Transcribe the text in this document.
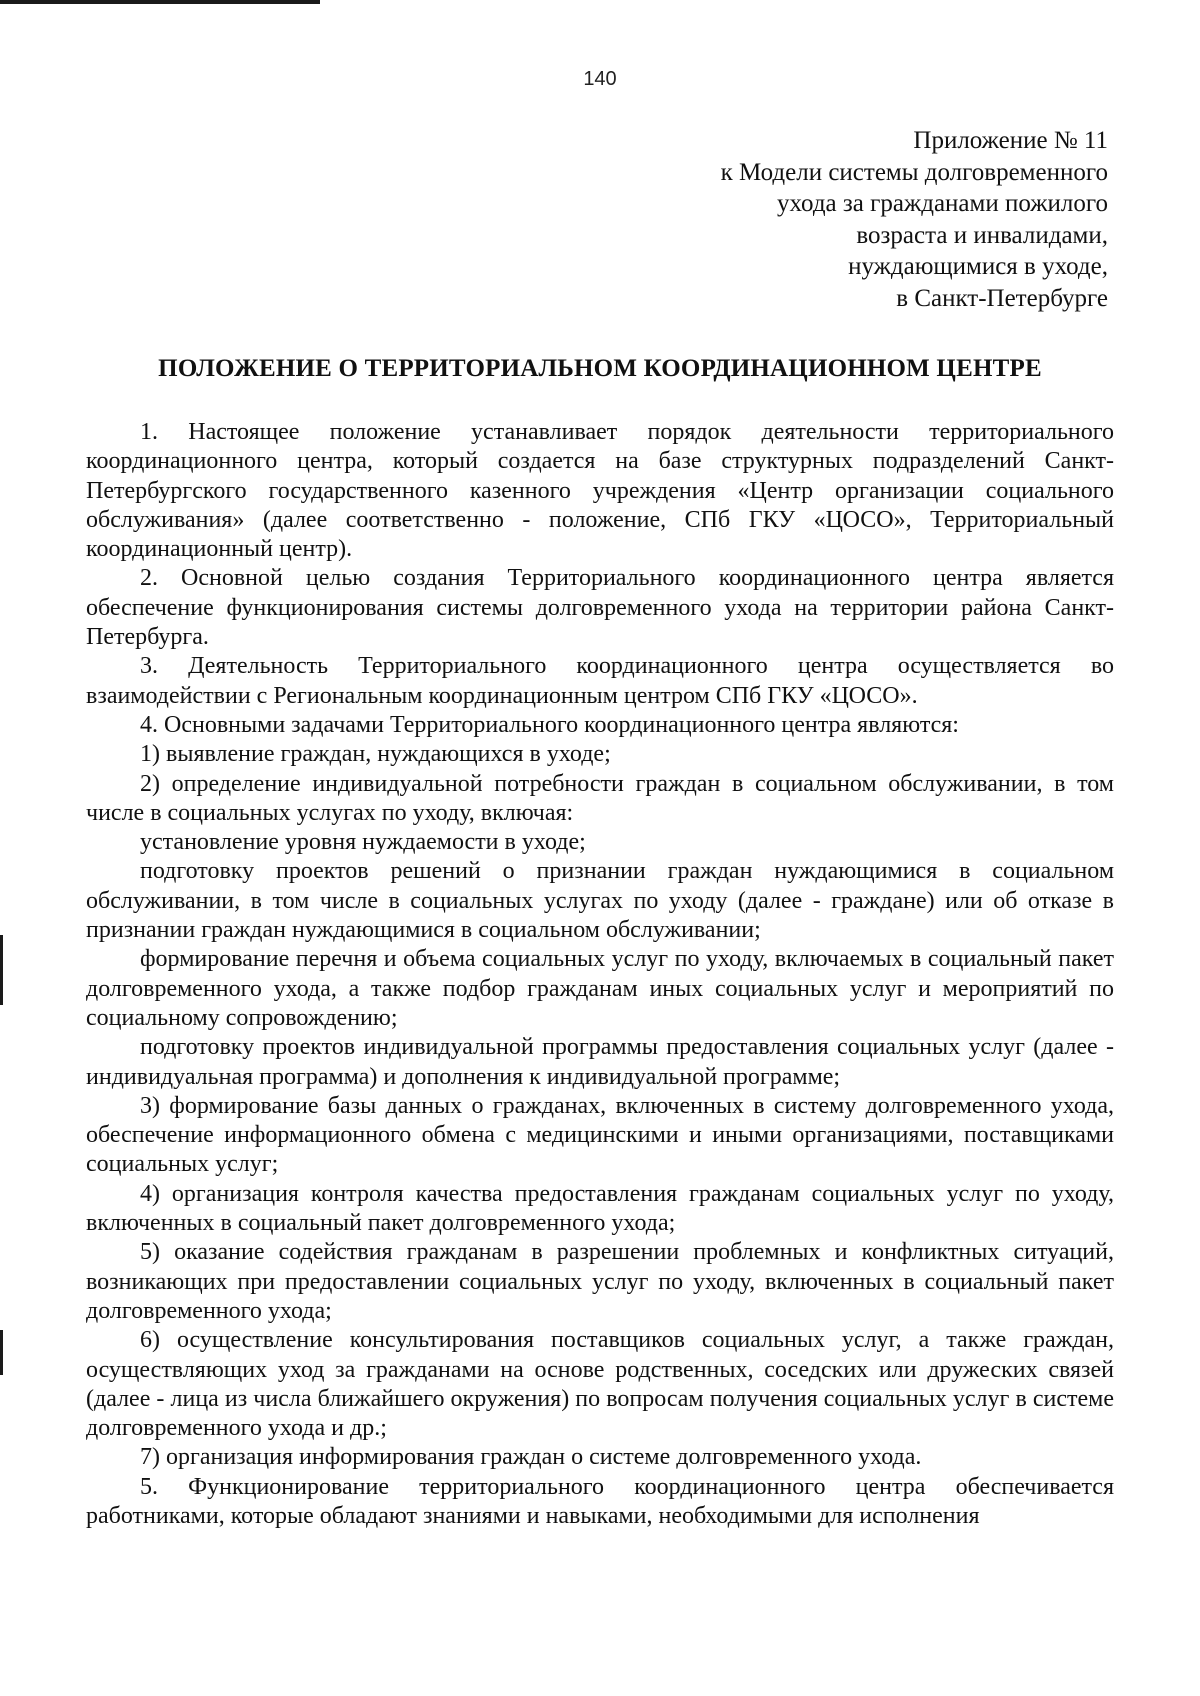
140
Приложение № 11
к Модели системы долговременного
ухода за гражданами пожилого
возраста и инвалидами,
нуждающимися в уходе,
в Санкт-Петербурге
ПОЛОЖЕНИЕ О ТЕРРИТОРИАЛЬНОМ КООРДИНАЦИОННОМ ЦЕНТРЕ

1. Настоящее положение устанавливает порядок деятельности территориального координационного центра, который создается на базе структурных подразделений Санкт-Петербургского государственного казенного учреждения «Центр организации социального обслуживания» (далее соответственно - положение, СПб ГКУ «ЦОСО», Территориальный координационный центр).

2. Основной целью создания Территориального координационного центра является обеспечение функционирования системы долговременного ухода на территории района Санкт-Петербурга.

3. Деятельность Территориального координационного центра осуществляется во взаимодействии с Региональным координационным центром СПб ГКУ «ЦОСО».

4. Основными задачами Территориального координационного центра являются:

1) выявление граждан, нуждающихся в уходе;

2) определение индивидуальной потребности граждан в социальном обслуживании, в том числе в социальных услугах по уходу, включая:

установление уровня нуждаемости в уходе;

подготовку проектов решений о признании граждан нуждающимися в социальном обслуживании, в том числе в социальных услугах по уходу (далее - граждане) или об отказе в признании граждан нуждающимися в социальном обслуживании;

формирование перечня и объема социальных услуг по уходу, включаемых в социальный пакет долговременного ухода, а также подбор гражданам иных социальных услуг и мероприятий по социальному сопровождению;

подготовку проектов индивидуальной программы предоставления социальных услуг (далее - индивидуальная программа) и дополнения к индивидуальной программе;

3) формирование базы данных о гражданах, включенных в систему долговременного ухода, обеспечение информационного обмена с медицинскими и иными организациями, поставщиками социальных услуг;

4) организация контроля качества предоставления гражданам социальных услуг по уходу, включенных в социальный пакет долговременного ухода;

5) оказание содействия гражданам в разрешении проблемных и конфликтных ситуаций, возникающих при предоставлении социальных услуг по уходу, включенных в социальный пакет долговременного ухода;

6) осуществление консультирования поставщиков социальных услуг, а также граждан, осуществляющих уход за гражданами на основе родственных, соседских или дружеских связей (далее - лица из числа ближайшего окружения) по вопросам получения социальных услуг в системе долговременного ухода и др.;

7) организация информирования граждан о системе долговременного ухода.

5. Функционирование территориального координационного центра обеспечивается работниками, которые обладают знаниями и навыками, необходимыми для исполнения
